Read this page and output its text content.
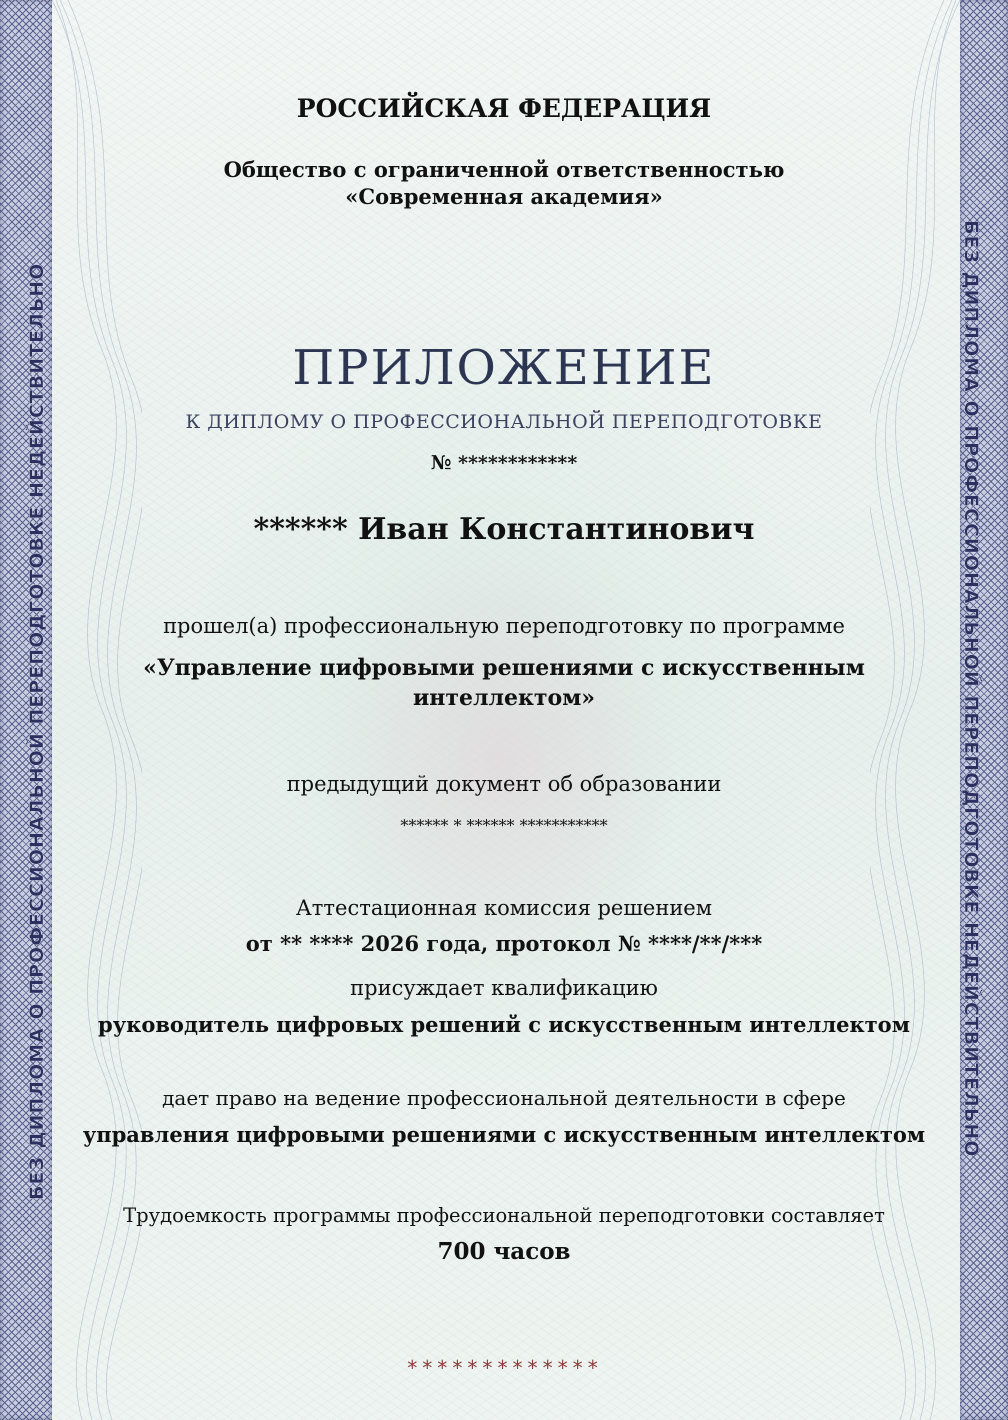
БЕЗ ДИПЛОМА О ПРОФЕССИОНАЛЬНОЙ ПЕРЕПОДГОТОВКЕ НЕДЕЙСТВИТЕЛЬНО	БЕЗ ДИПЛОМА О ПРОФЕССИОНАЛЬНОЙ ПЕРЕПОДГОТОВКЕ НЕДЕЙСТВИТЕЛЬНО
РОССИЙСКАЯ ФЕДЕРАЦИЯ
Общество с ограниченной ответственностью
«Современная академия»
ПРИЛОЖЕНИЕ
К ДИПЛОМУ О ПРОФЕССИОНАЛЬНОЙ ПЕРЕПОДГОТОВКЕ
№ ************
****** Иван Константинович
прошел(а) профессиональную переподготовку по программе
«Управление цифровыми решениями с искусственным
интеллектом»
предыдущий документ об образовании
****** * ****** ***********
Аттестационная комиссия решением
от ** **** 2026 года, протокол № ****/**/***
присуждает квалификацию
руководитель цифровых решений с искусственным интеллектом
дает право на ведение профессиональной деятельности в сфере
управления цифровыми решениями с искусственным интеллектом
Трудоемкость программы профессиональной переподготовки составляет
700 часов
*************
